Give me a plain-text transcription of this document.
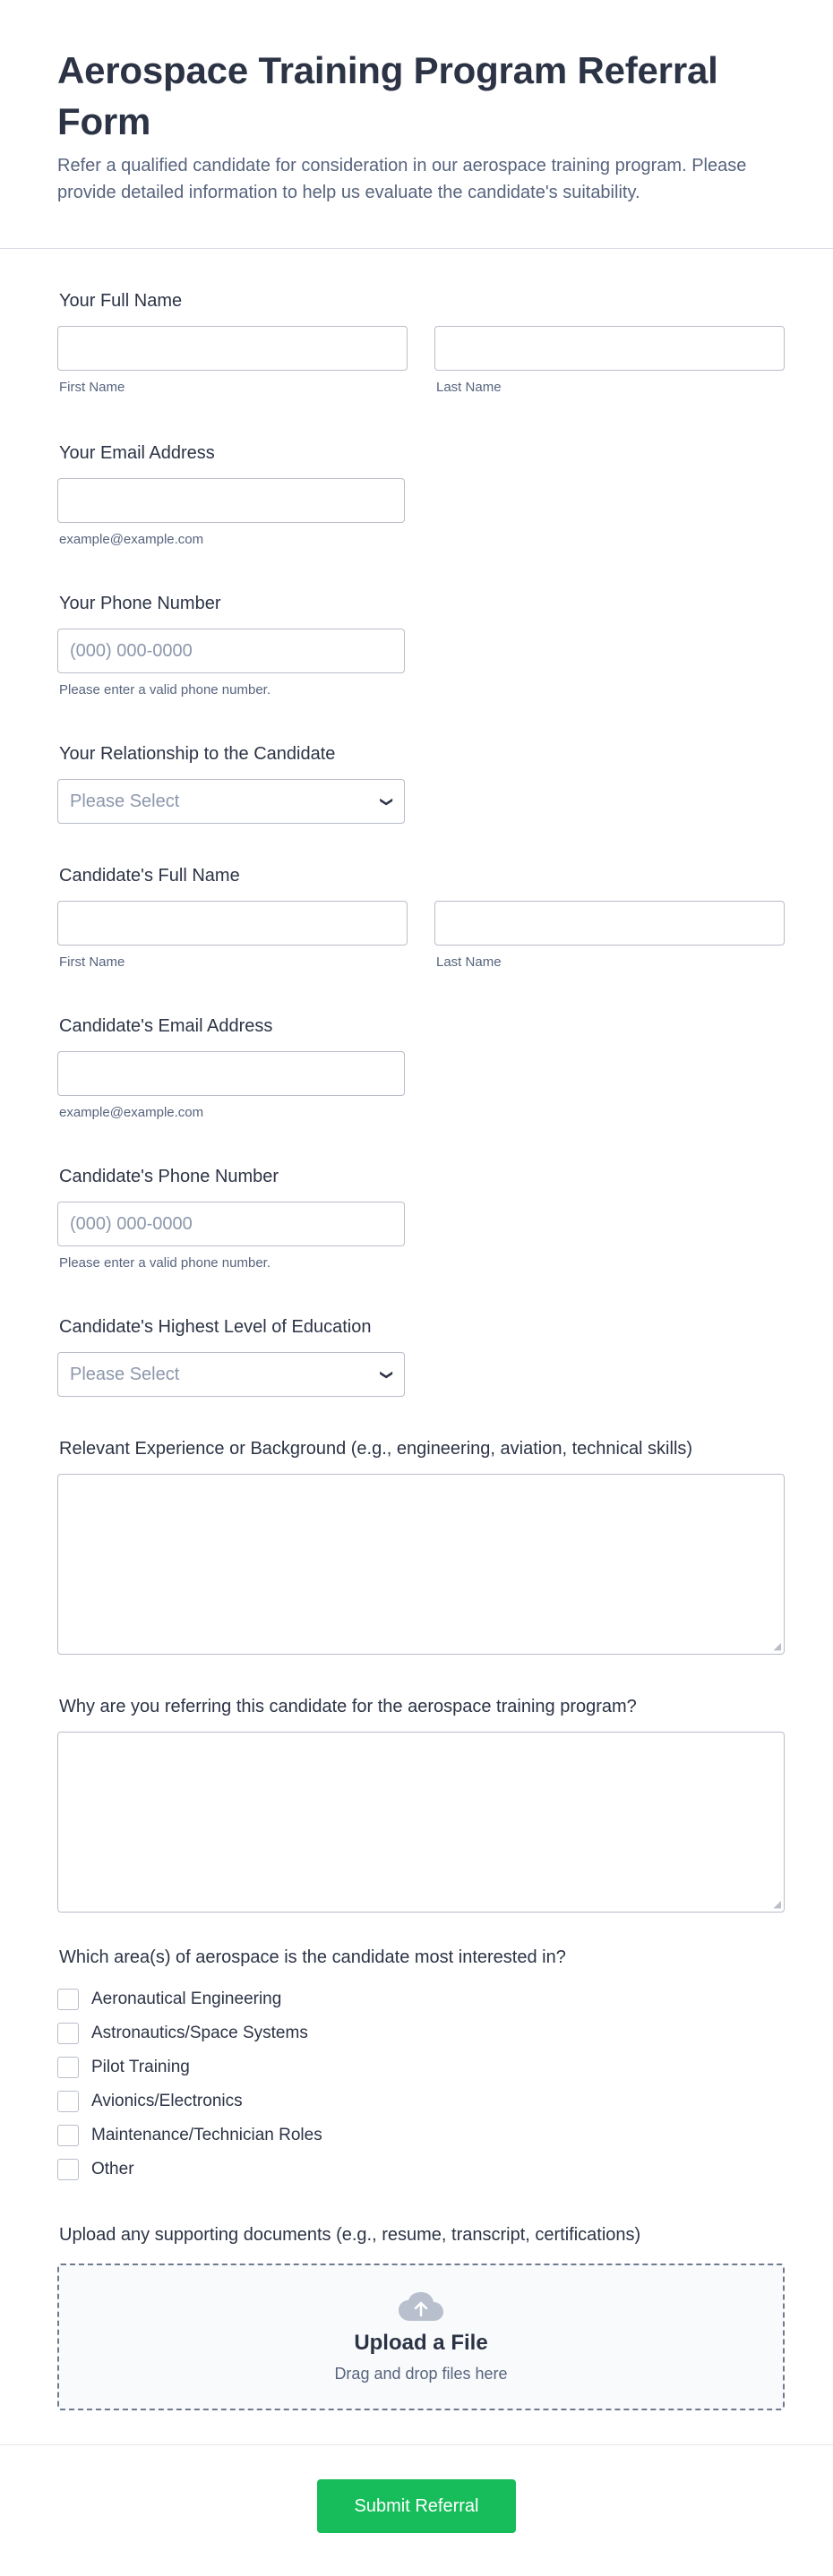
Aerospace Training Program Referral Form

Refer a qualified candidate for consideration in our aerospace training program. Please provide detailed information to help us evaluate the candidate's suitability.

Your Full Name
First Name	Last Name
Your Email Address
example@example.com
Your Phone Number
(000) 000-0000
Please enter a valid phone number.
Your Relationship to the Candidate
Please Select	❯
Candidate's Full Name
First Name	Last Name
Candidate's Email Address
example@example.com
Candidate's Phone Number
(000) 000-0000
Please enter a valid phone number.
Candidate's Highest Level of Education
Please Select	❯
Relevant Experience or Background (e.g., engineering, aviation, technical skills)
◢
Why are you referring this candidate for the aerospace training program?
◢
Which area(s) of aerospace is the candidate most interested in?
Aeronautical Engineering
Astronautics/Space Systems
Pilot Training
Avionics/Electronics
Maintenance/Technician Roles
Other
Upload any supporting documents (e.g., resume, transcript, certifications)
Upload a File
Drag and drop files here
Submit Referral
